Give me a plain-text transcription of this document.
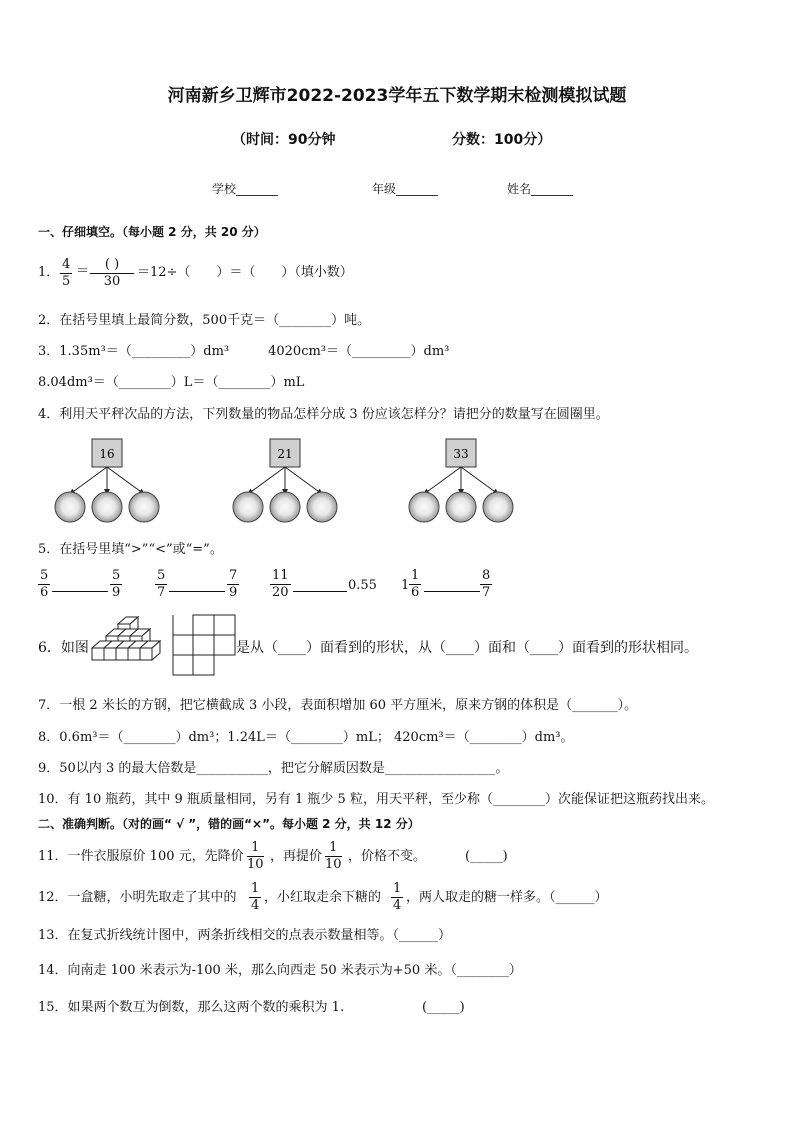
河南新乡卫辉市2022-2023学年五下数学期末检测模拟试题
（时间：90分钟	分数：100分）
学校_______	年级_______	姓名_______
一、仔细填空。（每小题 2 分，共 20 分）
1． $\frac{4}{5}$ ＝	( )
30
＝12÷（　　）＝（　　）（填小数）
2．在括号里填上最简分数，500千克＝（________）吨。
3．1.35m³＝（_________）dm³　　　4020cm³＝（_________）dm³
8.04dm³＝（________）L＝（________）mL
4．利用天平秤次品的方法，下列数量的物品怎样分成 3 份应该怎样分？请把分的数量写在圆圈里。
16	21	33
5．在括号里填“>”“<”或“=”。
$\frac{5}{6}$	$\frac{5}{9}$	$\frac{5}{7}$	$\frac{7}{9} \frac{11}{20}$	0.55 $1 \frac{1}{6}$	$\frac{8}{7}$
6．如图	是从（____）面看到的形状，从（____）面和（____）面看到的形状相同。
7．一根 2 米长的方钢，把它横截成 3 小段，表面积增加 60 平方厘米，原来方钢的体积是（_______）。
8．0.6m³＝（________）dm³；1.24L＝（________）mL； 420cm³＝（________）dm³。
9．50以内 3 的最大倍数是___________，把它分解质因数是_________________。
10．有 10 瓶药，其中 9 瓶质量相同，另有 1 瓶少 5 粒，用天平秤，至少称（________）次能保证把这瓶药找出来。
二、准确判断。（对的画“ √ ”，错的画“×”。每小题 2 分，共 12 分）
11．一件衣服原价 100 元，先降价 $\frac{1}{10}$ ，再提价 $\frac{1}{10}$ ，价格不变。	(_____)
12．一盒糖，小明先取走了其中的 $\frac{1}{4}$ ，小红取走余下糖的 $\frac{1}{4}$ ，两人取走的糖一样多。（______）
13．在复式折线统计图中，两条折线相交的点表示数量相等。（______）
14．向南走 100 米表示为-100 米，那么向西走 50 米表示为+50 米。（________）
15．如果两个数互为倒数，那么这两个数的乘积为 1.	(_____)
